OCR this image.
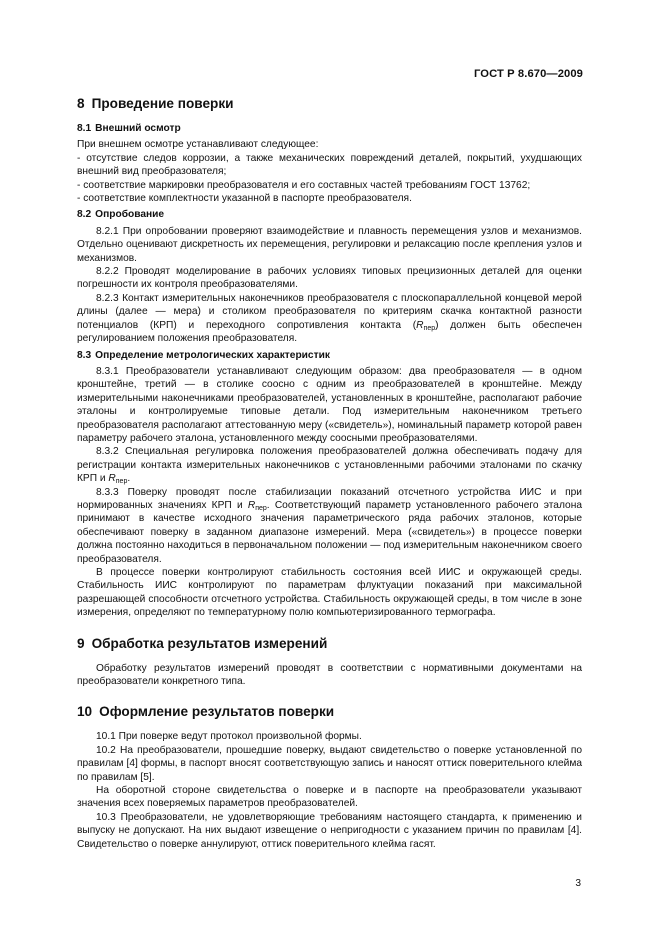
ГОСТ Р 8.670—2009
8 Проведение поверки
8.1 Внешний осмотр

При внешнем осмотре устанавливают следующее:

- отсутствие следов коррозии, а также механических повреждений деталей, покрытий, ухудшающих внешний вид преобразователя;

- соответствие маркировки преобразователя и его составных частей требованиям ГОСТ 13762;

- соответствие комплектности указанной в паспорте преобразователя.

8.2 Опробование

8.2.1 При опробовании проверяют взаимодействие и плавность перемещения узлов и механизмов. Отдельно оценивают дискретность их перемещения, регулировки и релаксацию после крепления узлов и механизмов.

8.2.2 Проводят моделирование в рабочих условиях типовых прецизионных деталей для оценки погрешности их контроля преобразователями.

8.2.3 Контакт измерительных наконечников преобразователя с плоскопараллельной концевой мерой длины (далее — мера) и столиком преобразователя по критериям скачка контактной разности потенциалов (КРП) и переходного сопротивления контакта $(R_{пер})$ должен быть обеспечен регулированием положения преобразователя.

8.3 Определение метрологических характеристик

8.3.1 Преобразователи устанавливают следующим образом: два преобразователя — в одном кронштейне, третий — в столике соосно с одним из преобразователей в кронштейне. Между измерительными наконечниками преобразователей, установленных в кронштейне, располагают рабочие эталоны и контролируемые типовые детали. Под измерительным наконечником третьего преобразователя располагают аттестованную меру («свидетель»), номинальный параметр которой равен параметру рабочего эталона, установленного между соосными преобразователями.

8.3.2 Специальная регулировка положения преобразователей должна обеспечивать подачу для регистрации контакта измерительных наконечников с установленными рабочими эталонами по скачку КРП и $R_{пер}$.

8.3.3 Поверку проводят после стабилизации показаний отсчетного устройства ИИС и при нормированных значениях КРП и $R_{пер}$. Соответствующий параметр установленного рабочего эталона принимают в качестве исходного значения параметрического ряда рабочих эталонов, которые обеспечивают поверку в заданном диапазоне измерений. Мера («свидетель») в процессе поверки должна постоянно находиться в первоначальном положении — под измерительным наконечником своего преобразователя.

В процессе поверки контролируют стабильность состояния всей ИИС и окружающей среды. Стабильность ИИС контролируют по параметрам флуктуации показаний при максимальной разрешающей способности отсчетного устройства. Стабильность окружающей среды, в том числе в зоне измерения, определяют по температурному полю компьютеризированного термографа.

9 Обработка результатов измерений

Обработку результатов измерений проводят в соответствии с нормативными документами на преобразователи конкретного типа.

10 Оформление результатов поверки

10.1 При поверке ведут протокол произвольной формы.

10.2 На преобразователи, прошедшие поверку, выдают свидетельство о поверке установленной по правилам [4] формы, в паспорт вносят соответствующую запись и наносят оттиск поверительного клейма по правилам [5].

На оборотной стороне свидетельства о поверке и в паспорте на преобразователи указывают значения всех поверяемых параметров преобразователей.

10.3 Преобразователи, не удовлетворяющие требованиям настоящего стандарта, к применению и выпуску не допускают. На них выдают извещение о непригодности с указанием причин по правилам [4]. Свидетельство о поверке аннулируют, оттиск поверительного клейма гасят.

3
